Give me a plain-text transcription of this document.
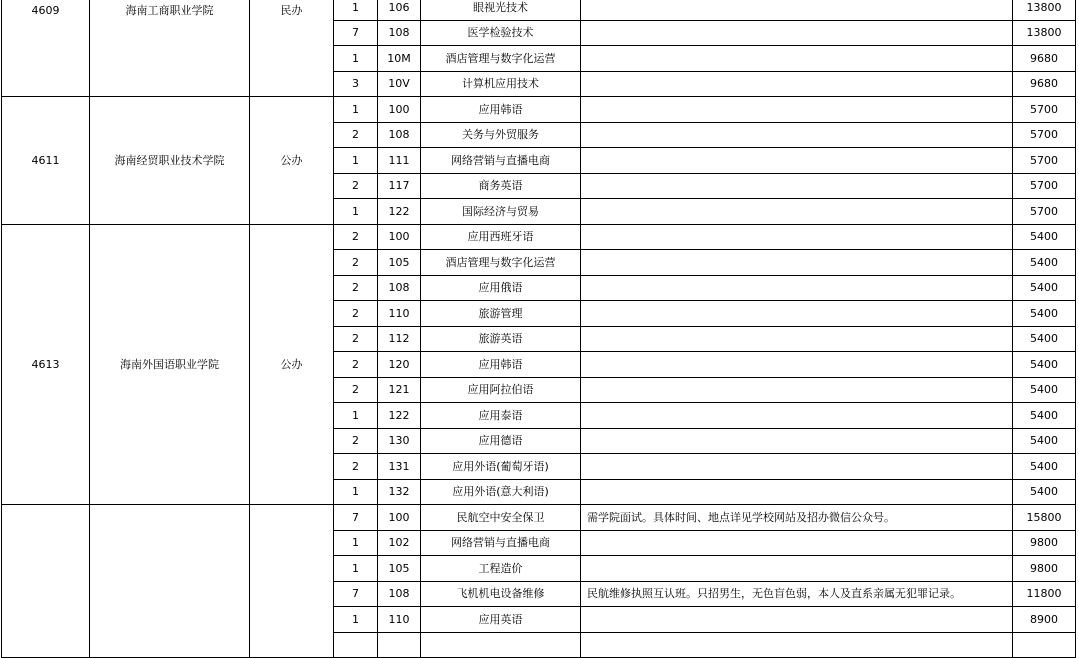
4609	海南工商职业学院	民办	1	106	眼视光技术		13800
			7	108	医学检验技术		13800
			1	10M	酒店管理与数字化运营		9680
			3	10V	计算机应用技术		9680
4611	海南经贸职业技术学院	公办	1	100	应用韩语		5700
			2	108	关务与外贸服务		5700
			1	111	网络营销与直播电商		5700
			2	117	商务英语		5700
			1	122	国际经济与贸易		5700
4613	海南外国语职业学院	公办	2	100	应用西班牙语		5400
			2	105	酒店管理与数字化运营		5400
			2	108	应用俄语		5400
			2	110	旅游管理		5400
			2	112	旅游英语		5400
			2	120	应用韩语		5400
			2	121	应用阿拉伯语		5400
			1	122	应用泰语		5400
			2	130	应用德语		5400
			2	131	应用外语(葡萄牙语)		5400
			1	132	应用外语(意大利语)		5400
			7	100	民航空中安全保卫	需学院面试。具体时间、地点详见学校网站及招办微信公众号。	15800
			1	102	网络营销与直播电商		9800
			1	105	工程造价		9800
			7	108	飞机机电设备维修	民航维修执照互认班。只招男生，无色盲色弱，本人及直系亲属无犯罪记录。	11800
			1	110	应用英语		8900
